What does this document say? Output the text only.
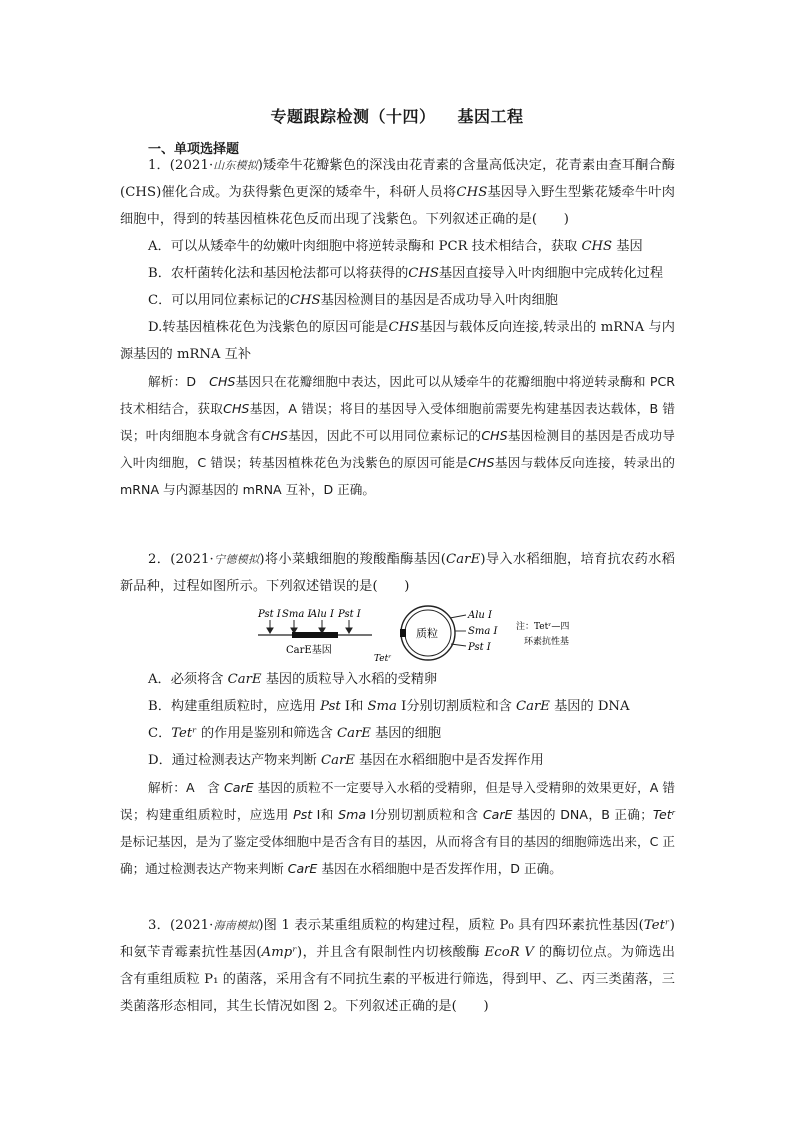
专题跟踪检测（十四） 基因工程
一、单项选择题

1．(2021·山东模拟)矮牵牛花瓣紫色的深浅由花青素的含量高低决定，花青素由查耳酮合酶(CHS)催化合成。为获得紫色更深的矮牵牛，科研人员将CHS基因导入野生型紫花矮牵牛叶肉细胞中，得到的转基因植株花色反而出现了浅紫色。下列叙述正确的是(　　)

A．可以从矮牵牛的幼嫩叶肉细胞中将逆转录酶和 PCR 技术相结合，获取 CHS 基因

B．农杆菌转化法和基因枪法都可以将获得的CHS基因直接导入叶肉细胞中完成转化过程

C．可以用同位素标记的CHS基因检测目的基因是否成功导入叶肉细胞

D.转基因植株花色为浅紫色的原因可能是CHS基因与载体反向连接,转录出的 mRNA 与内源基因的 mRNA 互补

解析：D　CHS基因只在花瓣细胞中表达，因此可以从矮牵牛的花瓣细胞中将逆转录酶和 PCR 技术相结合，获取CHS基因，A 错误；将目的基因导入受体细胞前需要先构建基因表达载体，B 错误；叶肉细胞本身就含有CHS基因，因此不可以用同位素标记的CHS基因检测目的基因是否成功导入叶肉细胞，C 错误；转基因植株花色为浅紫色的原因可能是CHS基因与载体反向连接，转录出的mRNA 与内源基因的 mRNA 互补，D 正确。

2．(2021·宁德模拟)将小菜蛾细胞的羧酸酯酶基因(CarE)导入水稻细胞，培育抗农药水稻新品种，过程如图所示。下列叙述错误的是(　　)

Pst Ⅰ Sma Ⅰ
Alu Ⅰ Pst Ⅰ
CarE基因
质粒
Tetʳ
Alu Ⅰ
Sma Ⅰ
Pst Ⅰ
注：Tetʳ—四
环素抗性基

A．必须将含 CarE 基因的质粒导入水稻的受精卵

B．构建重组质粒时，应选用 Pst Ⅰ和 Sma Ⅰ分别切割质粒和含 CarE 基因的 DNA

C．Tetʳ 的作用是鉴别和筛选含 CarE 基因的细胞

D．通过检测表达产物来判断 CarE 基因在水稻细胞中是否发挥作用

解析：A　含 CarE 基因的质粒不一定要导入水稻的受精卵，但是导入受精卵的效果更好，A 错误；构建重组质粒时，应选用 Pst Ⅰ和 Sma Ⅰ分别切割质粒和含 CarE 基因的 DNA，B 正确；Tetʳ 是标记基因，是为了鉴定受体细胞中是否含有目的基因，从而将含有目的基因的细胞筛选出来，C 正确；通过检测表达产物来判断 CarE 基因在水稻细胞中是否发挥作用，D 正确。

3．(2021·海南模拟)图 1 表示某重组质粒的构建过程，质粒 P₀ 具有四环素抗性基因(Tetʳ)和氨苄青霉素抗性基因(Ampʳ)，并且含有限制性内切核酸酶 EcoR Ⅴ 的酶切位点。为筛选出含有重组质粒 P₁ 的菌落，采用含有不同抗生素的平板进行筛选，得到甲、乙、丙三类菌落，三类菌落形态相同，其生长情况如图 2。下列叙述正确的是(　　)
